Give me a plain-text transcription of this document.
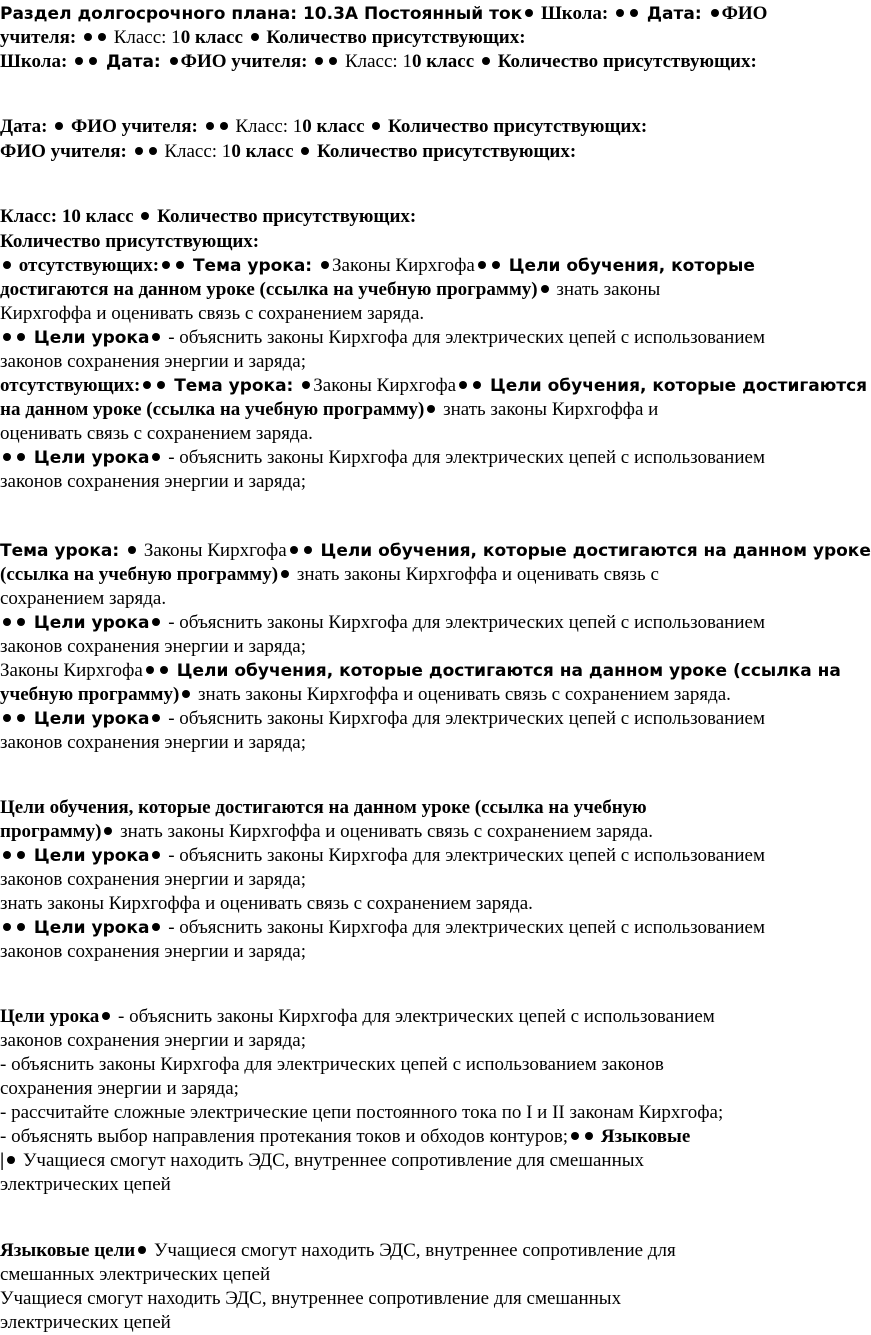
Раздел долгосрочного плана: 10.3А Постоянный ток Школа:  Дата: ФИО
учителя:  Класс: 10 класс  Количество присутствующих:
Школа:  Дата: ФИО учителя:  Класс: 10 класс  Количество присутствующих:
Дата:  ФИО учителя:  Класс: 10 класс  Количество присутствующих:
ФИО учителя:  Класс: 10 класс  Количество присутствующих:
Класс: 10 класс  Количество присутствующих:
Количество присутствующих:
отсутствующих: Тема урока: Законы Кирхгофа Цели обучения, которые
достигаются на данном уроке (ссылка на учебную программу) знать законы
Кирхгоффа и оценивать связь с сохранением заряда.
Цели урока - объяснить законы Кирхгофа для электрических цепей с использованием
законов сохранения энергии и заряда;
отсутствующих: Тема урока: Законы Кирхгофа Цели обучения, которые достигаются
на данном уроке (ссылка на учебную программу) знать законы Кирхгоффа и
оценивать связь с сохранением заряда.
Цели урока - объяснить законы Кирхгофа для электрических цепей с использованием
законов сохранения энергии и заряда;
Тема урока:  Законы Кирхгофа Цели обучения, которые достигаются на данном уроке
(ссылка на учебную программу) знать законы Кирхгоффа и оценивать связь с
сохранением заряда.
Цели урока - объяснить законы Кирхгофа для электрических цепей с использованием
законов сохранения энергии и заряда;
Законы Кирхгофа Цели обучения, которые достигаются на данном уроке (ссылка на
учебную программу) знать законы Кирхгоффа и оценивать связь с сохранением заряда.
Цели урока - объяснить законы Кирхгофа для электрических цепей с использованием
законов сохранения энергии и заряда;
Цели обучения, которые достигаются на данном уроке (ссылка на учебную
программу) знать законы Кирхгоффа и оценивать связь с сохранением заряда.
Цели урока - объяснить законы Кирхгофа для электрических цепей с использованием
законов сохранения энергии и заряда;
знать законы Кирхгоффа и оценивать связь с сохранением заряда.
Цели урока - объяснить законы Кирхгофа для электрических цепей с использованием
законов сохранения энергии и заряда;
Цели урока - объяснить законы Кирхгофа для электрических цепей с использованием
законов сохранения энергии и заряда;
- объяснить законы Кирхгофа для электрических цепей с использованием законов
сохранения энергии и заряда;
- рассчитайте сложные электрические цепи постоянного тока по I и II законам Кирхгофа;
- объяснять выбор направления протекания токов и обходов контуров; Языковые
| Учащиеся смогут находить ЭДС, внутреннее сопротивление для смешанных
электрических цепей
Языковые цели Учащиеся смогут находить ЭДС, внутреннее сопротивление для
смешанных электрических цепей
Учащиеся смогут находить ЭДС, внутреннее сопротивление для смешанных
электрических цепей
